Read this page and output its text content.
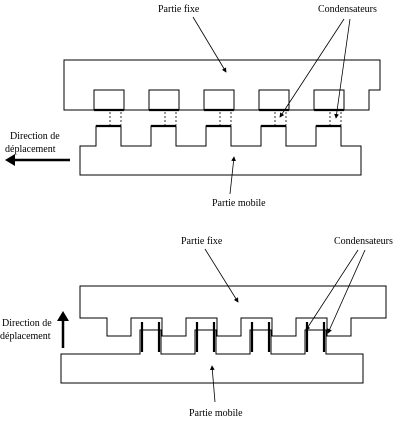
Partie fixe	Condensateurs
Direction de
déplacement
Partie mobile
Partie fixe	Condensateurs
Direction de
déplacement
Partie mobile
